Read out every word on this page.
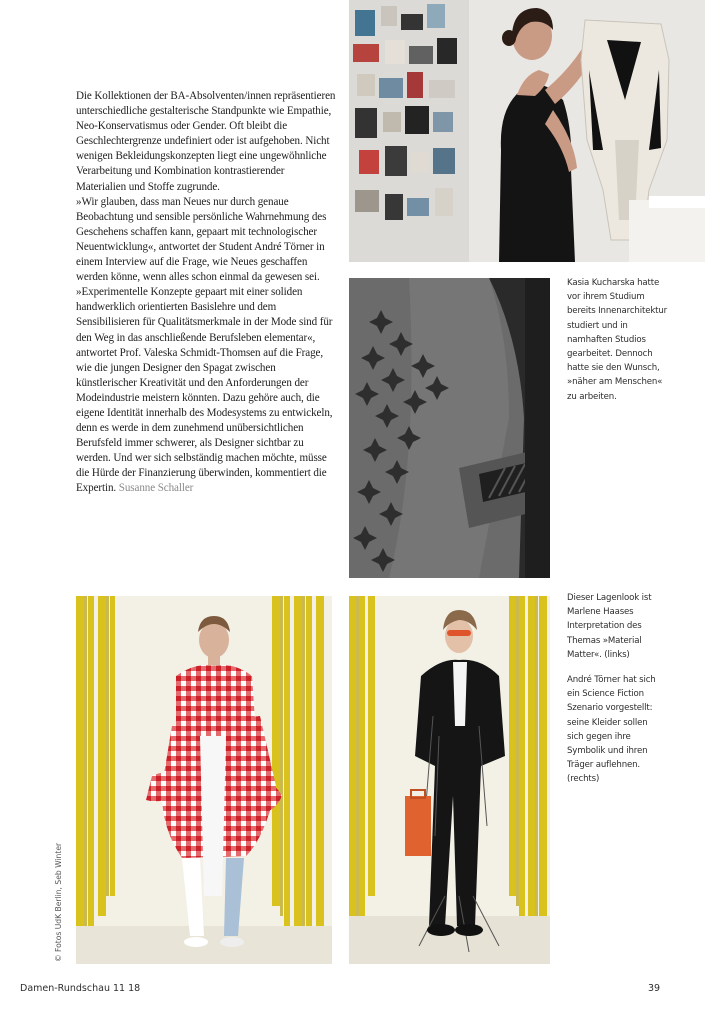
Die Kollektionen der BA-Absolventen/innen repräsentieren unterschiedliche gestalterische Standpunkte wie Empathie, Neo-Konservatismus oder Gender. Oft bleibt die Geschlechtergrenze undefiniert oder ist aufgehoben. Nicht wenigen Bekleidungskonzepten liegt eine ungewöhnliche Verarbeitung und Kombination kontrastierender Materialien und Stoffe zugrunde.

»Wir glauben, dass man Neues nur durch genaue Beobachtung und sensible persönliche Wahrnehmung des Geschehens schaffen kann, gepaart mit technologischer Neuentwicklung«, antwortet der Student André Törner in einem Interview auf die Frage, wie Neues geschaffen werden könne, wenn alles schon einmal da gewesen sei.

»Experimentelle Konzepte gepaart mit einer soliden handwerklich orientierten Basislehre und dem Sensibilisieren für Qualitätsmerkmale in der Mode sind für den Weg in das anschließende Berufsleben elementar«, antwortet Prof. Valeska Schmidt-Thomsen auf die Frage, wie die jungen Designer den Spagat zwischen künstlerischer Kreativität und den Anforderungen der Modeindustrie meistern könnten. Dazu gehöre auch, die eigene Identität innerhalb des Modesystems zu entwickeln, denn es werde in dem zunehmend unübersichtlichen Berufsfeld immer schwerer, als Designer sichtbar zu werden. Und wer sich selbständig machen möchte, müsse die Hürde der Finanzierung überwinden, kommentiert die Expertin. Susanne Schaller

Kasia Kucharska hatte vor ihrem Studium bereits Innenarchitektur studiert und in namhaften Studios gearbeitet. Dennoch hatte sie den Wunsch, »näher am Menschen« zu arbeiten.

Dieser Lagenlook ist Marlene Haases Interpretation des Themas »Material Matter«. (links)

André Törner hat sich ein Science Fiction Szenario vorgestellt: seine Kleider sollen sich gegen ihre Symbolik und ihren Träger auflehnen. (rechts)

© Fotos UdK Berlin, Seb Winter
Damen-Rundschau 11 18	39
